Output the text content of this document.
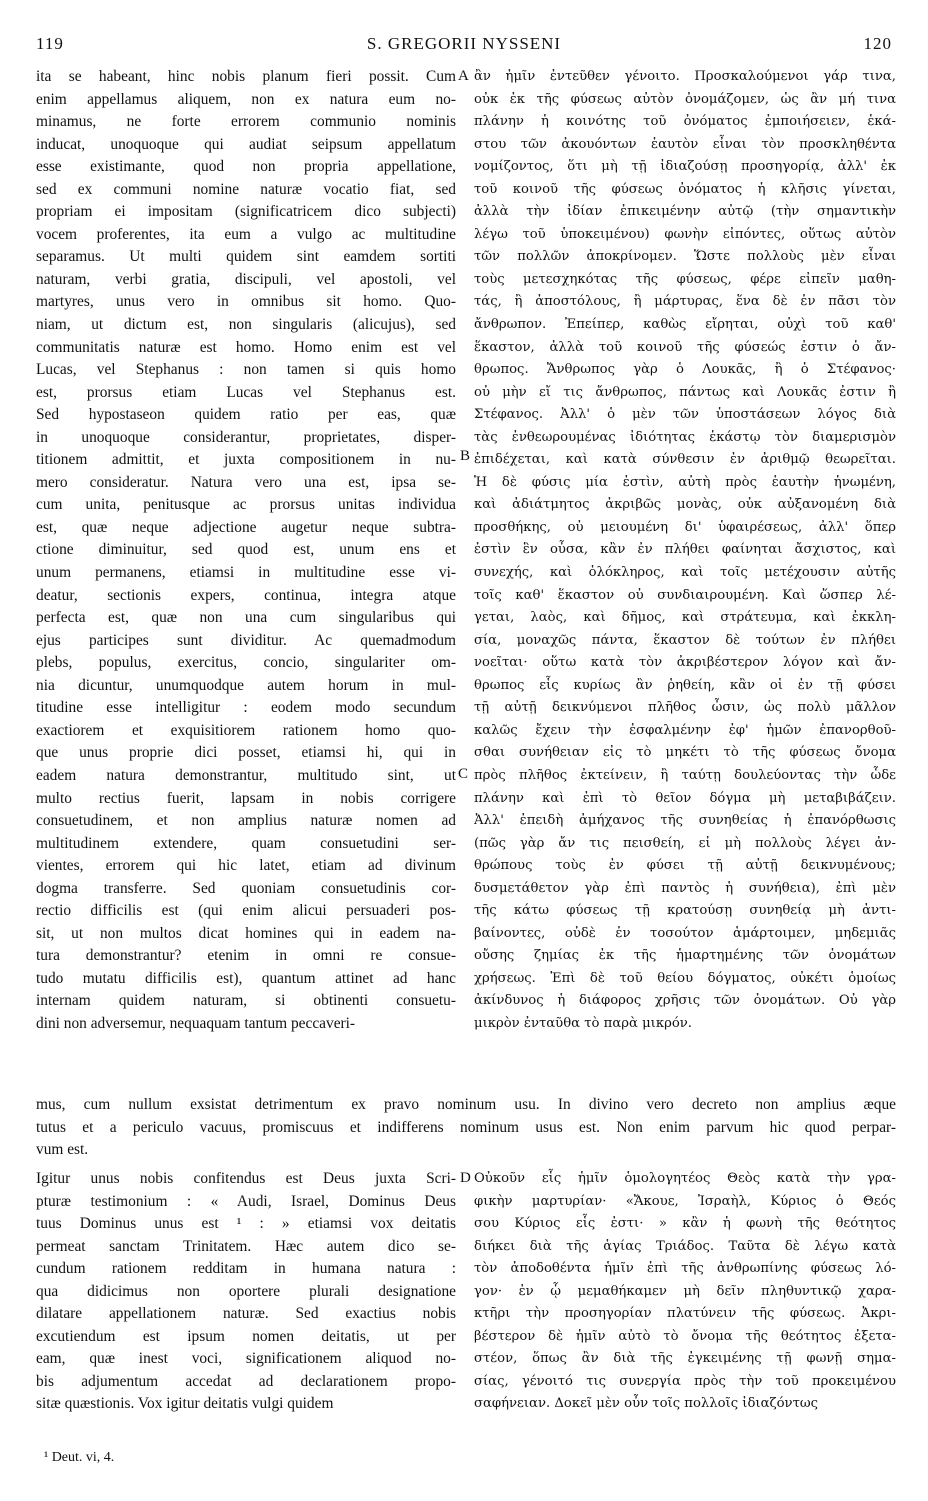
119	S. GREGORII NYSSENI	120
ita se habeant, hinc nobis planum fieri possit. Cum
enim appellamus aliquem, non ex natura eum no-
minamus, ne forte errorem communio nominis
inducat, unoquoque qui audiat seipsum appellatum
esse existimante, quod non propria appellatione,
sed ex communi nomine naturæ vocatio fiat, sed
propriam ei impositam (significatricem dico subjecti)
vocem proferentes, ita eum a vulgo ac multitudine
separamus. Ut multi quidem sint eamdem sortiti
naturam, verbi gratia, discipuli, vel apostoli, vel
martyres, unus vero in omnibus sit homo. Quo-
niam, ut dictum est, non singularis (alicujus), sed
communitatis naturæ est homo. Homo enim est vel
Lucas, vel Stephanus : non tamen si quis homo
est, prorsus etiam Lucas vel Stephanus est.
Sed hypostaseon quidem ratio per eas, quæ
in unoquoque considerantur, proprietates, disper-
titionem admittit, et juxta compositionem in nu-
mero consideratur. Natura vero una est, ipsa se-
cum unita, penitusque ac prorsus unitas individua
est, quæ neque adjectione augetur neque subtra-
ctione diminuitur, sed quod est, unum ens et
unum permanens, etiamsi in multitudine esse vi-
deatur, sectionis expers, continua, integra atque
perfecta est, quæ non una cum singularibus qui
ejus participes sunt dividitur. Ac quemadmodum
plebs, populus, exercitus, concio, singulariter om-
nia dicuntur, unumquodque autem horum in mul-
titudine esse intelligitur : eodem modo secundum
exactiorem et exquisitiorem rationem homo quo-
que unus proprie dici posset, etiamsi hi, qui in
eadem natura demonstrantur, multitudo sint, ut
multo rectius fuerit, lapsam in nobis corrigere
consuetudinem, et non amplius naturæ nomen ad
multitudinem extendere, quam consuetudini ser-
vientes, errorem qui hic latet, etiam ad divinum
dogma transferre. Sed quoniam consuetudinis cor-
rectio difficilis est (qui enim alicui persuaderi pos-
sit, ut non multos dicat homines qui in eadem na-
tura demonstrantur? etenim in omni re consue-
tudo mutatu difficilis est), quantum attinet ad hanc
internam quidem naturam, si obtinenti consuetu-
dini non adversemur, nequaquam tantum peccaveri-
ἂν ἡμῖν ἐντεῦθεν γένοιτο. Προσκαλούμενοι γάρ τινα,
οὐκ ἐκ τῆς φύσεως αὐτὸν ὀνομάζομεν, ὡς ἂν μή τινα
πλάνην ἡ κοινότης τοῦ ὀνόματος ἐμποιήσειεν, ἑκά-
στου τῶν ἀκουόντων ἑαυτὸν εἶναι τὸν προσκληθέντα
νομίζοντος, ὅτι μὴ τῇ ἰδιαζούσῃ προσηγορίᾳ, ἀλλ' ἐκ
τοῦ κοινοῦ τῆς φύσεως ὀνόματος ἡ κλῆσις γίνεται,
ἀλλὰ τὴν ἰδίαν ἐπικειμένην αὐτῷ (τὴν σημαντικὴν
λέγω τοῦ ὑποκειμένου) φωνὴν εἰπόντες, οὕτως αὐτὸν
τῶν πολλῶν ἀποκρίνομεν. Ὥστε πολλοὺς μὲν εἶναι
τοὺς μετεσχηκότας τῆς φύσεως, φέρε εἰπεῖν μαθη-
τάς, ἢ ἀποστόλους, ἢ μάρτυρας, ἕνα δὲ ἐν πᾶσι τὸν
ἄνθρωπον. Ἐπείπερ, καθὼς εἴρηται, οὐχὶ τοῦ καθ'
ἕκαστον, ἀλλὰ τοῦ κοινοῦ τῆς φύσεώς ἐστιν ὁ ἄν-
θρωπος. Ἄνθρωπος γὰρ ὁ Λουκᾶς, ἢ ὁ Στέφανος·
οὐ μὴν εἴ τις ἄνθρωπος, πάντως καὶ Λουκᾶς ἐστιν ἢ
Στέφανος. Ἀλλ' ὁ μὲν τῶν ὑποστάσεων λόγος διὰ
τὰς ἐνθεωρουμένας ἰδιότητας ἑκάστῳ τὸν διαμερισμὸν
ἐπιδέχεται, καὶ κατὰ σύνθεσιν ἐν ἀριθμῷ θεωρεῖται.
Ἡ δὲ φύσις μία ἐστὶν, αὐτὴ πρὸς ἑαυτὴν ἡνωμένη,
καὶ ἀδιάτμητος ἀκριβῶς μονὰς, οὐκ αὐξανομένη διὰ
προσθήκης, οὐ μειουμένη δι' ὑφαιρέσεως, ἀλλ' ὅπερ
ἐστὶν ἓν οὖσα, κἂν ἐν πλήθει φαίνηται ἄσχιστος, καὶ
συνεχής, καὶ ὁλόκληρος, καὶ τοῖς μετέχουσιν αὐτῆς
τοῖς καθ' ἕκαστον οὐ συνδιαιρουμένη. Καὶ ὥσπερ λέ-
γεται, λαὸς, καὶ δῆμος, καὶ στράτευμα, καὶ ἐκκλη-
σία, μοναχῶς πάντα, ἕκαστον δὲ τούτων ἐν πλήθει
νοεῖται· οὕτω κατὰ τὸν ἀκριβέστερον λόγον καὶ ἄν-
θρωπος εἷς κυρίως ἂν ῥηθείη, κἂν οἱ ἐν τῇ φύσει
τῇ αὐτῇ δεικνύμενοι πλῆθος ὦσιν, ὡς πολὺ μᾶλλον
καλῶς ἔχειν τὴν ἐσφαλμένην ἐφ' ἡμῶν ἐπανορθοῦ-
σθαι συνήθειαν εἰς τὸ μηκέτι τὸ τῆς φύσεως ὄνομα
πρὸς πλῆθος ἐκτείνειν, ἢ ταύτῃ δουλεύοντας τὴν ὧδε
πλάνην καὶ ἐπὶ τὸ θεῖον δόγμα μὴ μεταβιβάζειν.
Ἀλλ' ἐπειδὴ ἀμήχανος τῆς συνηθείας ἡ ἐπανόρθωσις
(πῶς γὰρ ἄν τις πεισθείη, εἰ μὴ πολλοὺς λέγει ἀν-
θρώπους τοὺς ἐν φύσει τῇ αὐτῇ δεικνυμένους;
δυσμετάθετον γὰρ ἐπὶ παντὸς ἡ συνήθεια), ἐπὶ μὲν
τῆς κάτω φύσεως τῇ κρατούσῃ συνηθείᾳ μὴ ἀντι-
βαίνοντες, οὐδὲ ἐν τοσούτον ἁμάρτοιμεν, μηδεμιᾶς
οὔσης ζημίας ἐκ τῆς ἡμαρτημένης τῶν ὀνομάτων
χρήσεως. Ἐπὶ δὲ τοῦ θείου δόγματος, οὐκέτι ὁμοίως
ἀκίνδυνος ἡ διάφορος χρῆσις τῶν ὀνομάτων. Οὐ γὰρ
μικρὸν ἐνταῦθα τὸ παρὰ μικρόν.
A
B
C
D
mus, cum nullum exsistat detrimentum ex pravo nominum usu. In divino vero decreto non amplius æque
tutus et a periculo vacuus, promiscuus et indifferens nominum usus est. Non enim parvum hic quod perpar-
vum est.
Igitur unus nobis confitendus est Deus juxta Scri-
pturæ testimonium : « Audi, Israel, Dominus Deus
tuus Dominus unus est ¹ : » etiamsi vox deitatis
permeat sanctam Trinitatem. Hæc autem dico se-
cundum rationem redditam in humana natura :
qua didicimus non oportere plurali designatione
dilatare appellationem naturæ. Sed exactius nobis
excutiendum est ipsum nomen deitatis, ut per
eam, quæ inest voci, significationem aliquod no-
bis adjumentum accedat ad declarationem propo-
sitæ quæstionis. Vox igitur deitatis vulgi quidem
Οὐκοῦν εἷς ἡμῖν ὁμολογητέος Θεὸς κατὰ τὴν γρα-
φικὴν μαρτυρίαν· «Ἄκουε, Ἰσραὴλ, Κύριος ὁ Θεός
σου Κύριος εἷς ἐστι· » κἂν ἡ φωνὴ τῆς θεότητος
διήκει διὰ τῆς ἁγίας Τριάδος. Ταῦτα δὲ λέγω κατὰ
τὸν ἀποδοθέντα ἡμῖν ἐπὶ τῆς ἀνθρωπίνης φύσεως λό-
γον· ἐν ᾧ μεμαθήκαμεν μὴ δεῖν πληθυντικῷ χαρα-
κτῆρι τὴν προσηγορίαν πλατύνειν τῆς φύσεως. Ἀκρι-
βέστερον δὲ ἡμῖν αὐτὸ τὸ ὄνομα τῆς θεότητος ἐξετα-
στέον, ὅπως ἂν διὰ τῆς ἐγκειμένης τῇ φωνῇ σημα-
σίας, γένοιτό τις συνεργία πρὸς τὴν τοῦ προκειμένου
σαφήνειαν. Δοκεῖ μὲν οὖν τοῖς πολλοῖς ἰδιαζόντως
¹ Deut. vi, 4.
